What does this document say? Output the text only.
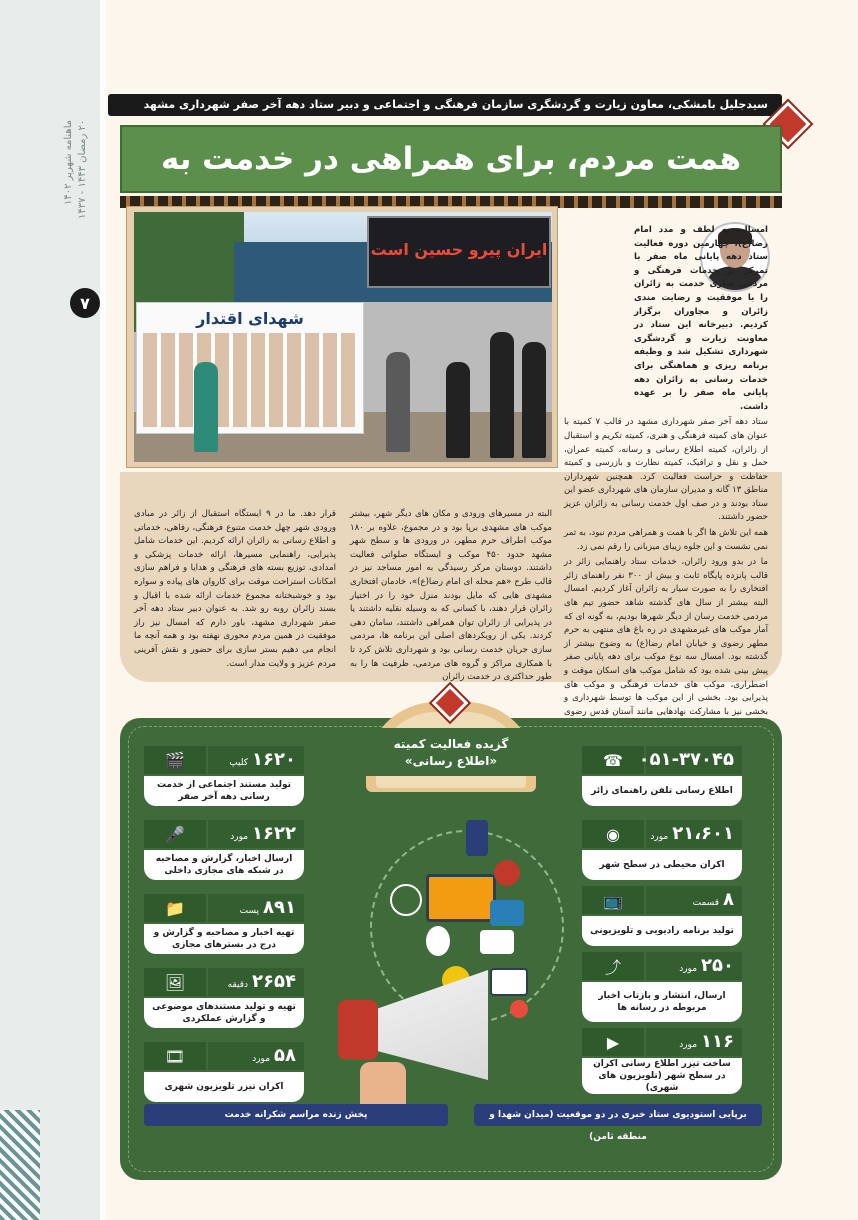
ماهنامه شهرپر ۱۴۰۲
۲۰ رمضان ۱۴۴۳ - ۱۴۳۷
۷
سیدجلیل بامشکی، معاون زیارت و گردشگری سازمان فرهنگی و اجتماعی و دبیر ستاد دهه آخر صفر شهرداری مشهد
همت مردم، برای همراهی در خدمت به
ایران پیرو حسین است
شهدای اقتدار

امسال، به لطف و مدد امام رضا(ع)، چهارمین دوره فعالیت ستاد دهه پایانی ماه صفر با تمرکز بر خدمات فرهنگی و مردمی سازی خدمت به زائران را با موفقیت و رضایت مندی زائران و مجاوران برگزار کردیم. دبیرخانه این ستاد در معاونت زیارت و گردشگری شهرداری تشکیل شد و وظیفه برنامه ریزی و هماهنگی برای خدمات رسانی به زائران دهه پایانی ماه صفر را بر عهده داشت.

ستاد دهه آخر صفر شهرداری مشهد در قالب ۷ کمیته با عنوان های کمیته فرهنگی و هنری، کمیته تکریم و استقبال از زائران، کمیته اطلاع رسانی و رسانه، کمیته عمران، حمل و نقل و ترافیک، کمیته نظارت و بازرسی و کمیته حفاظت و حراست فعالیت کرد. همچنین شهرداران مناطق ۱۳ گانه و مدیران سازمان های شهرداری عضو این ستاد بودند و در صف اول خدمت رسانی به زائران عزیز حضور داشتند.

همه این تلاش ها اگر با همت و همراهی مردم نبود، به ثمر نمی نشست و این جلوه زیبای میزبانی را رقم نمی زد.

ما در بدو ورود زائران، خدمات ستاد راهنمایی زائر در قالب پانزده پایگاه ثابت و بیش از ۳۰۰ نفر راهنمای زائر افتخاری را به صورت سیار به زائران آغاز کردیم. امسال البته بیشتر از سال های گذشته شاهد حضور تیم های مردمی خدمت رسان از دیگر شهرها بودیم، به گونه ای که آمار موکب های غیرمشهدی در ره باغ های منتهی به حرم مطهر رضوی و خیابان امام رضا(ع) به وضوح بیشتر از گذشته بود. امسال سه نوع موکب برای دهه پایانی صفر پیش بینی شده بود که شامل موکب های اسکان موقت و اضطراری، موکب های خدمات فرهنگی و موکب های پذیرایی بود. بخشی از این موکب ها توسط شهرداری و بخشی نیز با مشارکت نهادهایی مانند آستان قدس رضوی

البته در مسیرهای ورودی و مکان های دیگر شهر، بیشتر موکب های مشهدی برپا بود و در مجموع، علاوه بر ۱۸۰ موکب اطراف حرم مطهر، در ورودی ها و سطح شهر مشهد حدود ۴۵۰ موکب و ایستگاه صلواتی فعالیت داشتند. دوستان مرکز رسیدگی به امور مساجد نیز در قالب طرح «هم محله ای امام رضا(ع)»، خادمان افتخاری مشهدی هایی که مایل بودند منزل خود را در اختیار زائران قرار دهند، با کسانی که به وسیله نقلیه داشتند یا در پذیرایی از زائران توان همراهی داشتند، سامان دهی کردند. یکی از رویکردهای اصلی این برنامه ها، مردمی سازی جریان خدمت رسانی بود و شهرداری تلاش کرد تا با همکاری مراکز و گروه های مردمی، ظرفیت ها را به طور حداکثری در خدمت زائران

قرار دهد. ما در ۹ ایستگاه استقبال از زائر در مبادی ورودی شهر چهل خدمت متنوع فرهنگی، رفاهی، خدماتی و اطلاع رسانی به زائران ارائه کردیم. این خدمات شامل پذیرایی، راهنمایی مسیرها، ارائه خدمات پزشکی و امدادی، توزیع بسته های فرهنگی و هدایا و فراهم سازی امکانات استراحت موقت برای کاروان های پیاده و سواره بود و خوشبختانه مجموع خدمات ارائه شده با اقبال و بسند زائران روبه رو شد. به عنوان دبیر ستاد دهه آخر صفر شهرداری مشهد، باور دارم که امسال نیز راز موفقیت در همین مردم محوری نهفته بود و همه آنچه ما انجام می دهیم بستر سازی برای حضور و نقش آفرینی مردم عزیز و ولایت مدار است.

گزیده فعالیت کمیته
«اطلاع رسانی»
🎬	۱۶۲۰کلیپ
تولید مستند اجتماعی از خدمت رسانی دهه آخر صفر
🎤	۱۶۲۲مورد
ارسال اخبار، گزارش و مصاحبه در شبکه های مجازی داخلی
📁	۸۹۱پست
تهیه اخبار و مصاحبه و گزارش و درج در بسترهای مجازی
🖼	۲۶۵۴دقیقه
تهیه و تولید مستندهای موضوعی و گزارش عملکردی
🎞	۵۸مورد
اکران تیزر تلویزیون شهری
☎ ۰۵۱-۳۷۰۴۵
اطلاع رسانی تلفن راهنمای زائر
◉	۲۱،۶۰۱مورد
اکران محیطی در سطح شهر
📺	۸قسمت
تولید برنامه رادیویی و تلویزیونی
⤴	۲۵۰مورد
ارسال، انتشار و بازتاب اخبار مربوطه در رسانه ها
▶	۱۱۶مورد
ساخت تیزر اطلاع رسانی اکران در سطح شهر (تلویزیون های شهری)
پخش زنده مراسم شکرانه خدمت	برپایی استودیوی ستاد خبری در دو موقعیت (میدان شهدا و منطقه ثامن)
